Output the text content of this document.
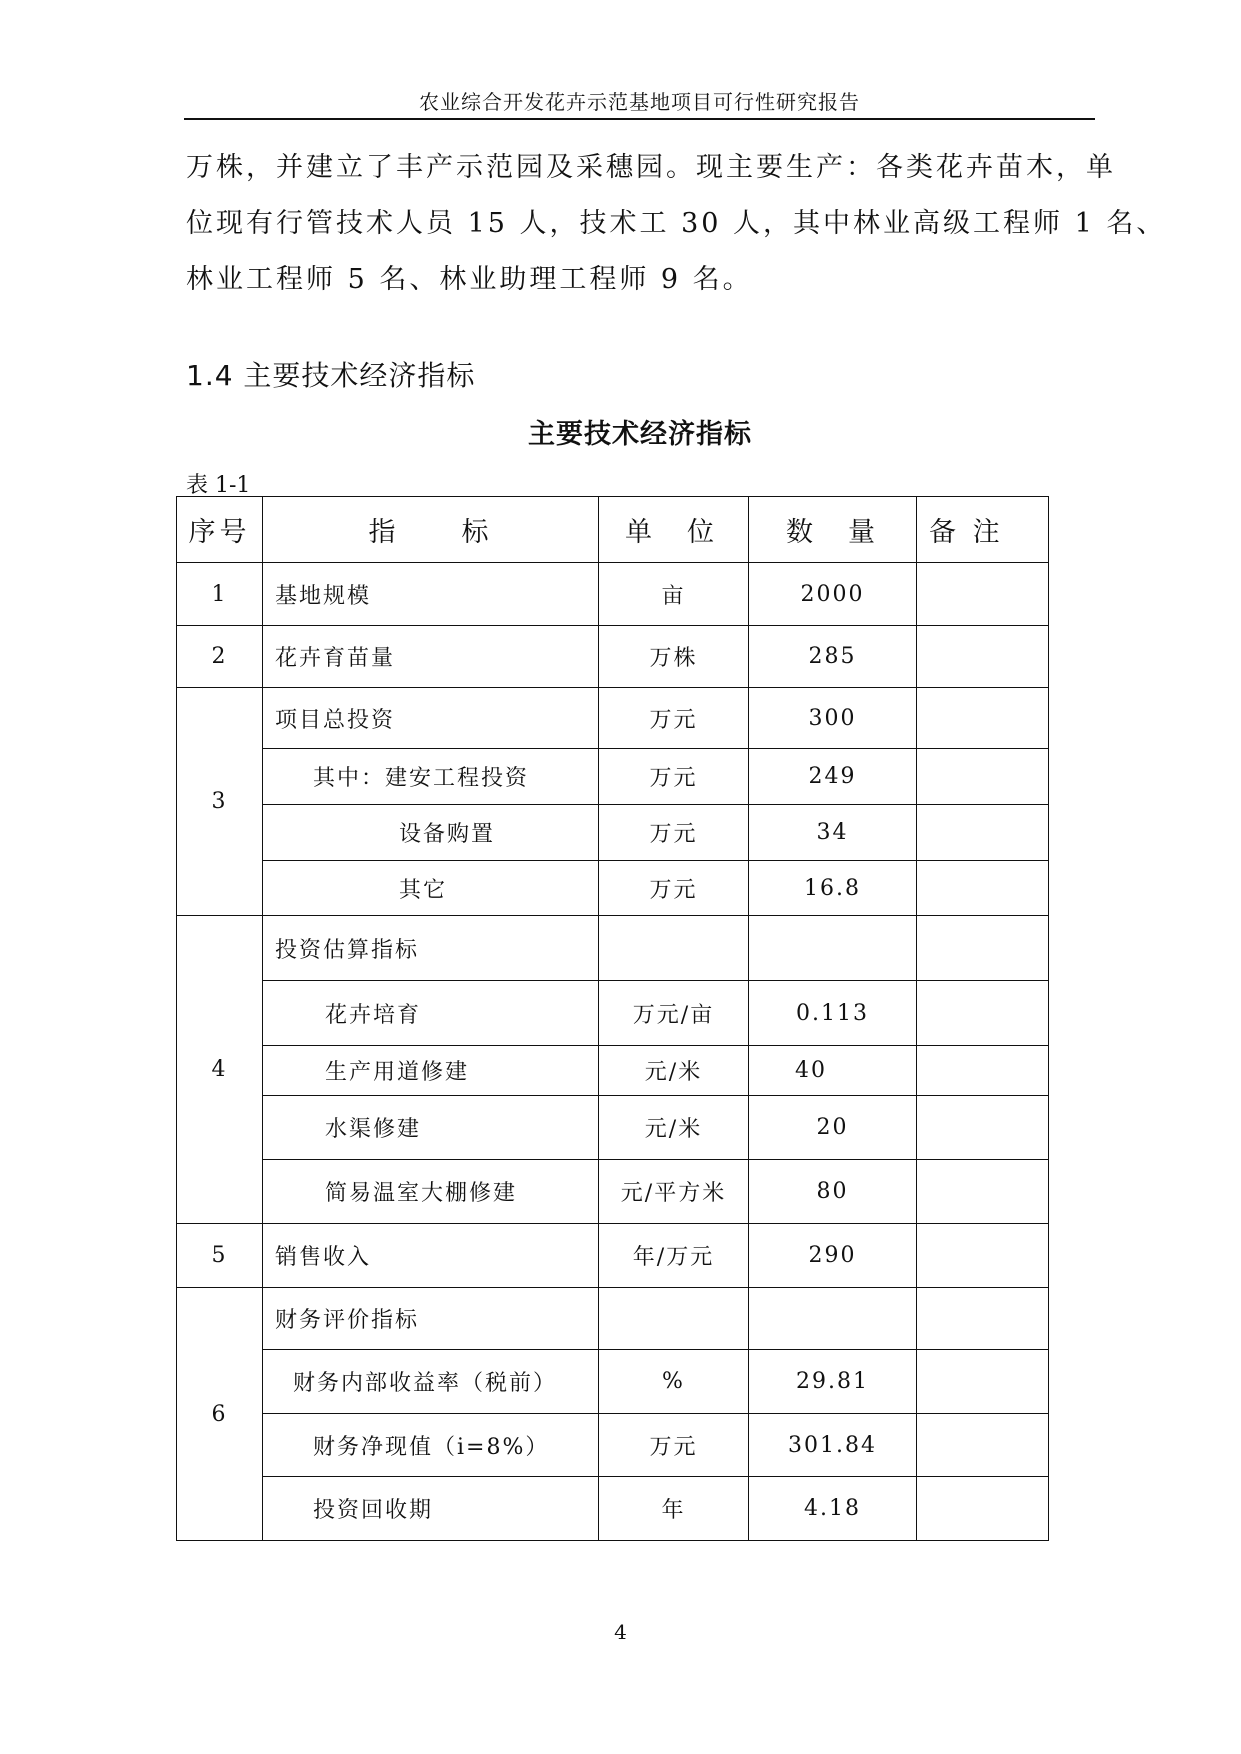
农业综合开发花卉示范基地项目可行性研究报告

万株，并建立了丰产示范园及采穗园。现主要生产：各类花卉苗木，单
位现有行管技术人员 15 人，技术工 30 人，其中林业高级工程师 1 名、
林业工程师 5 名、林业助理工程师 9 名。

1.4 主要技术经济指标
主要技术经济指标
表 1-1
序号	指　　标	单　位	数　量	备 注
1	基地规模	亩	2000	
2	花卉育苗量	万株	285	
3	项目总投资	万元	300	
	其中：建安工程投资	万元	249	
	设备购置	万元	34	
	其它	万元	16.8	
4	投资估算指标			
	花卉培育	万元/亩	0.113	
	生产用道修建	元/米	40	
	水渠修建	元/米	20	
	简易温室大棚修建	元/平方米	80	
5	销售收入	年/万元	290	
6	财务评价指标			
	财务内部收益率（税前）	%	29.81	
	财务净现值（i=8%）	万元	301.84	
	投资回收期	年	4.18	
4
